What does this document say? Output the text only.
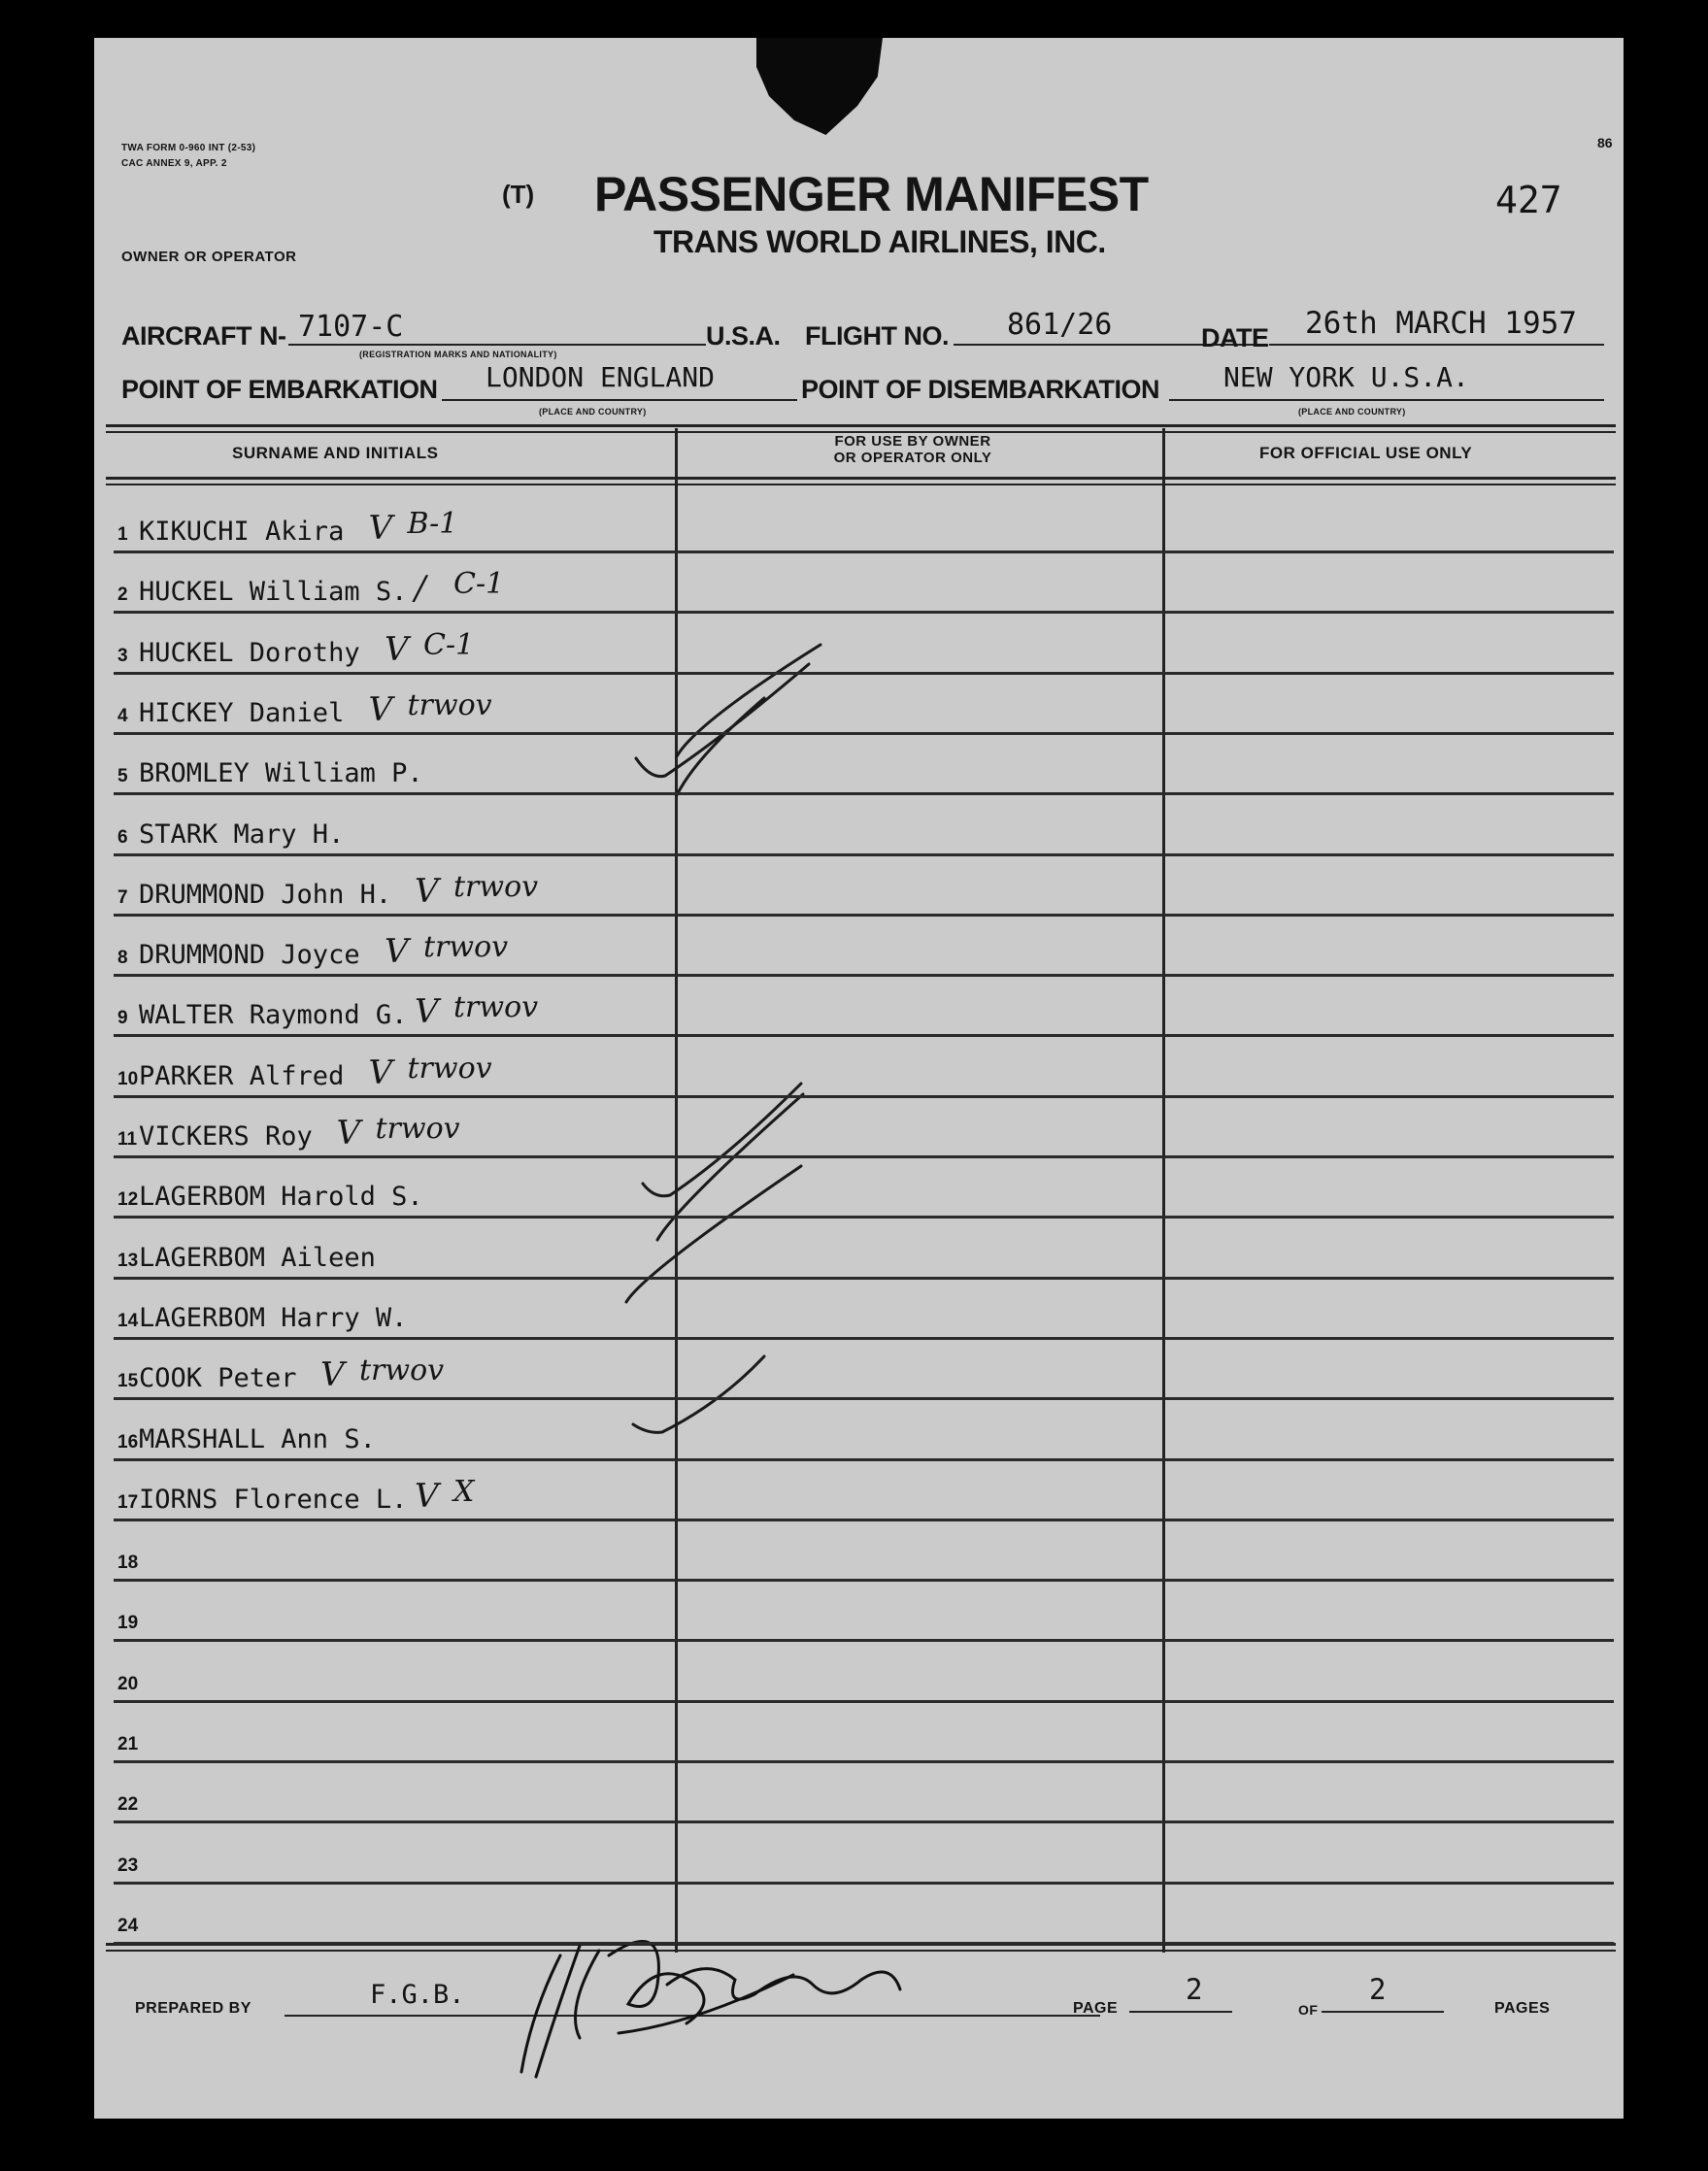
TWA FORM 0-960 INT (2-53)
CAC ANNEX 9, APP. 2
OWNER OR OPERATOR
86
(T) PASSENGER MANIFEST
TRANS WORLD AIRLINES, INC.
427
AIRCRAFT N- 7107-C
(REGISTRATION MARKS AND NATIONALITY)
U.S.A. FLIGHT NO. 861/26	DATE 26th MARCH 1957
POINT OF EMBARKATION LONDON ENGLAND
(PLACE AND COUNTRY)
POINT OF DISEMBARKATION NEW YORK U.S.A.
(PLACE AND COUNTRY)
SURNAME AND INITIALS
FOR USE BY OWNER
OR OPERATOR ONLY	FOR OFFICIAL USE ONLY
PREPARED BY	F.G.B.	PAGE
2
OF
2
PAGES
1 KIKUCHI Akira V B-1
2 HUCKEL William S. / C-1
3 HUCKEL Dorothy V C-1
4 HICKEY Daniel V trwov
5 BROMLEY William P.
6 STARK Mary H.
7 DRUMMOND John H. V trwov
8 DRUMMOND Joyce V trwov
9 WALTER Raymond G. V trwov
10 PARKER Alfred V trwov
11 VICKERS Roy V trwov
12 LAGERBOM Harold S.
13 LAGERBOM Aileen
14 LAGERBOM Harry W.
15 COOK Peter V trwov
16 MARSHALL Ann S.
17 IORNS Florence L. V X
18
19
20
21
22
23
24
